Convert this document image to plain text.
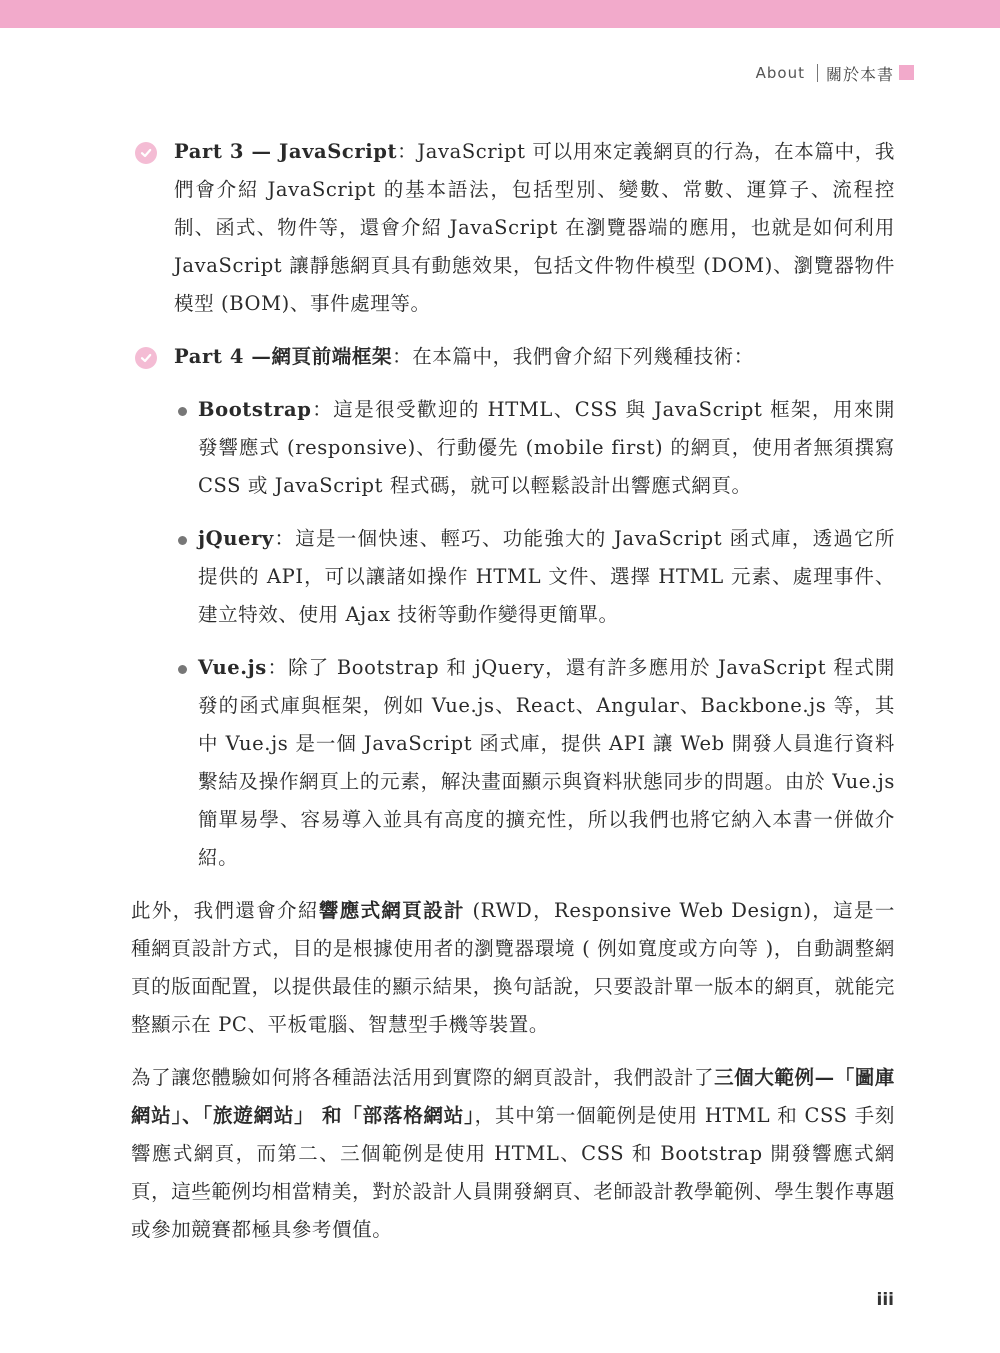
About 關於本書
Part 3 — JavaScript：JavaScript 可以用來定義網頁的行為，在本篇中，我們會介紹 JavaScript 的基本語法，包括型別、變數、常數、運算子、流程控制、函式、物件等，還會介紹 JavaScript 在瀏覽器端的應用，也就是如何利用 JavaScript 讓靜態網頁具有動態效果，包括文件物件模型 (DOM)、瀏覽器物件模型 (BOM)、事件處理等。
Part 4 —網頁前端框架：在本篇中，我們會介紹下列幾種技術：
Bootstrap：這是很受歡迎的 HTML、CSS 與 JavaScript 框架，用來開發響應式 (responsive)、行動優先 (mobile first) 的網頁，使用者無須撰寫 CSS 或 JavaScript 程式碼，就可以輕鬆設計出響應式網頁。
jQuery：這是一個快速、輕巧、功能強大的 JavaScript 函式庫，透過它所提供的 API，可以讓諸如操作 HTML 文件、選擇 HTML 元素、處理事件、建立特效、使用 Ajax 技術等動作變得更簡單。
Vue.js：除了 Bootstrap 和 jQuery，還有許多應用於 JavaScript 程式開發的函式庫與框架，例如 Vue.js、React、Angular、Backbone.js 等，其中 Vue.js 是一個 JavaScript 函式庫，提供 API 讓 Web 開發人員進行資料繫結及操作網頁上的元素，解決畫面顯示與資料狀態同步的問題。由於 Vue.js 簡單易學、容易導入並具有高度的擴充性，所以我們也將它納入本書一併做介紹。
此外，我們還會介紹響應式網頁設計 (RWD，Responsive Web Design)，這是一種網頁設計方式，目的是根據使用者的瀏覽器環境 ( 例如寬度或方向等 )，自動調整網頁的版面配置，以提供最佳的顯示結果，換句話說，只要設計單一版本的網頁，就能完整顯示在 PC、平板電腦、智慧型手機等裝置。
為了讓您體驗如何將各種語法活用到實際的網頁設計，我們設計了三個大範例—「圖庫網站」、「旅遊網站」 和「部落格網站」，其中第一個範例是使用 HTML 和 CSS 手刻響應式網頁，而第二、三個範例是使用 HTML、CSS 和 Bootstrap 開發響應式網頁，這些範例均相當精美，對於設計人員開發網頁、老師設計教學範例、學生製作專題或參加競賽都極具參考價值。
iii
